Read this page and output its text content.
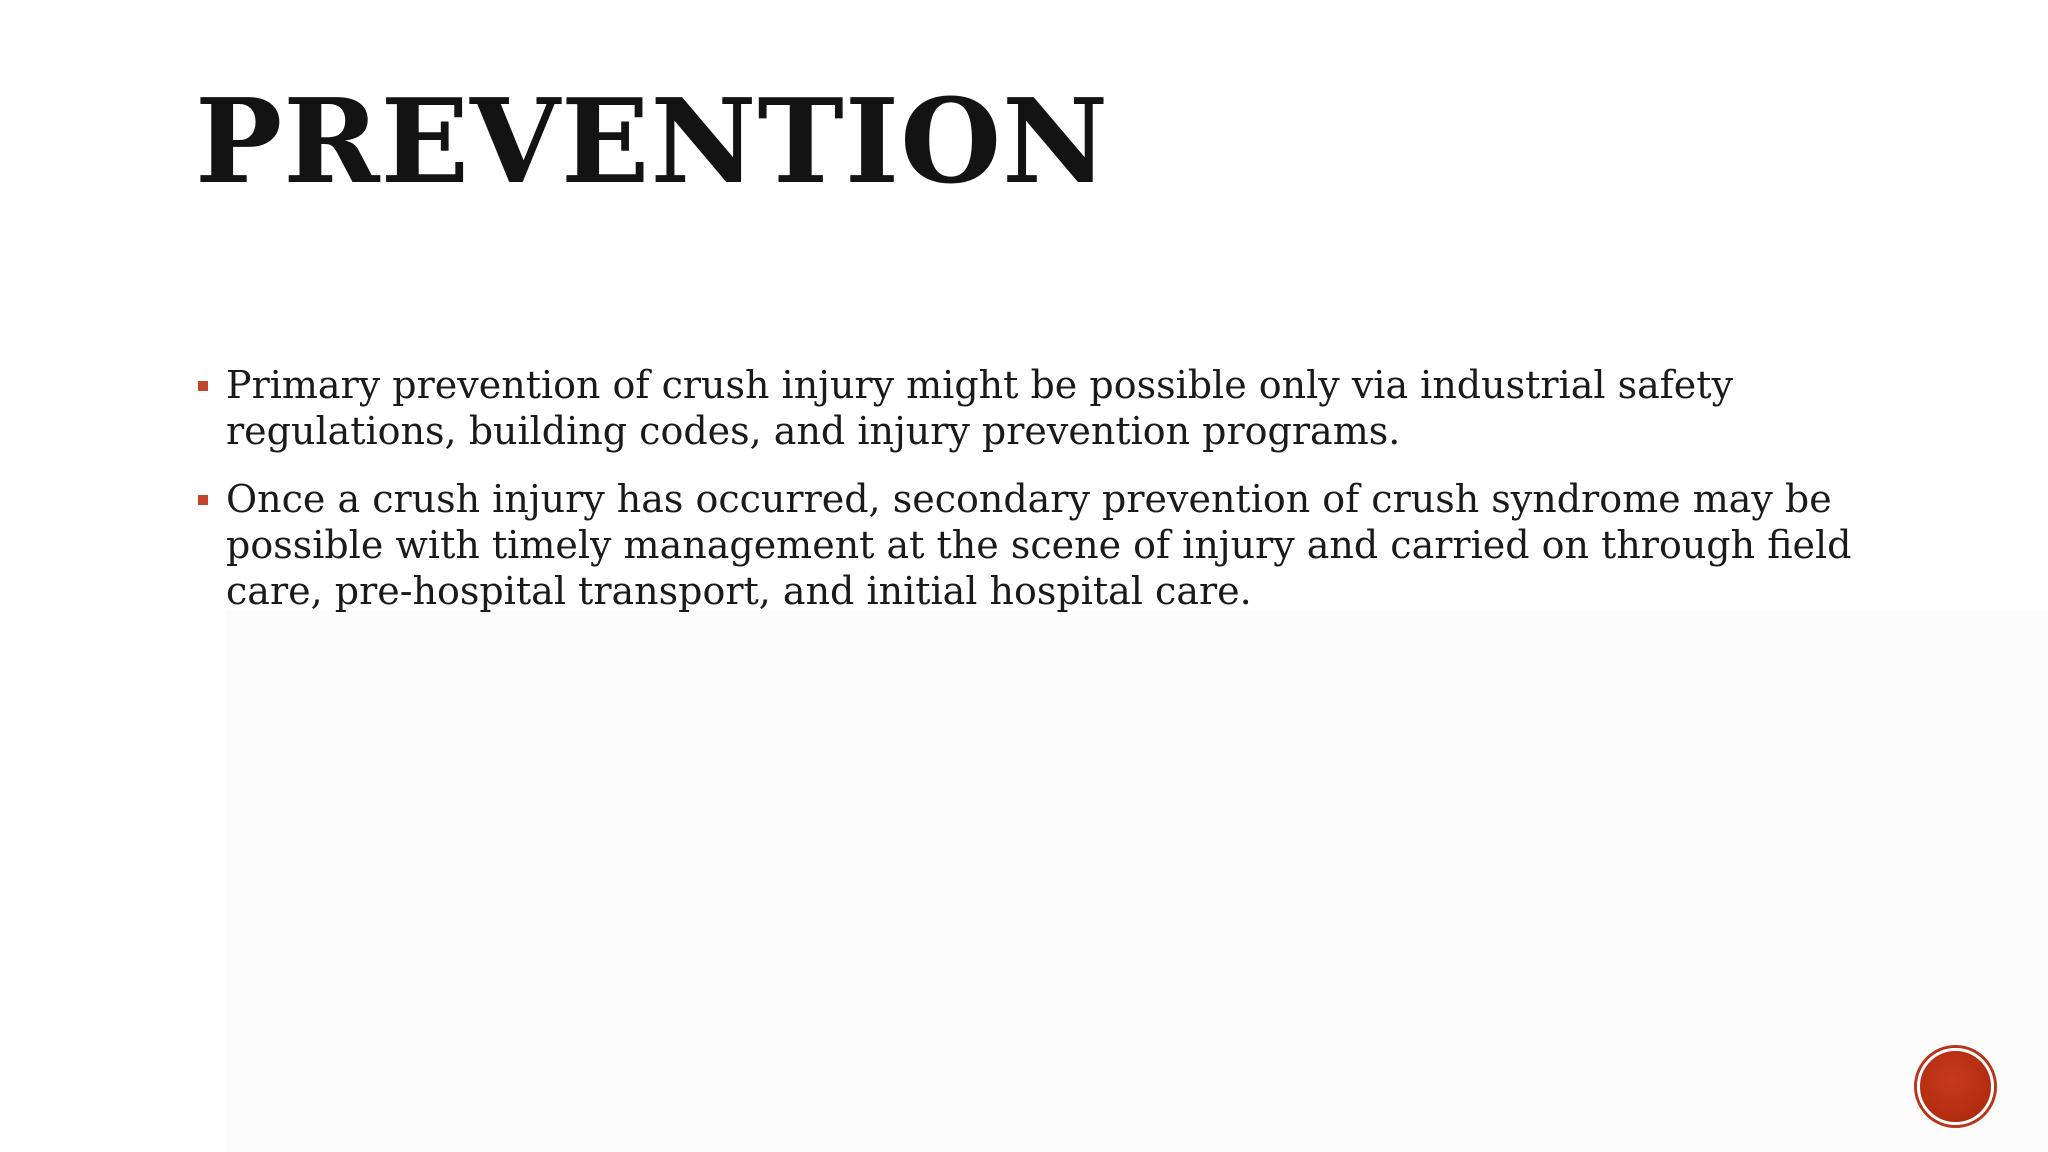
PREVENTION
Primary prevention of crush injury might be possible only via industrial safety regulations, building codes, and injury prevention programs.
Once a crush injury has occurred, secondary prevention of crush syndrome may be possible with timely management at the scene of injury and carried on through field care, pre-hospital transport, and initial hospital care.
